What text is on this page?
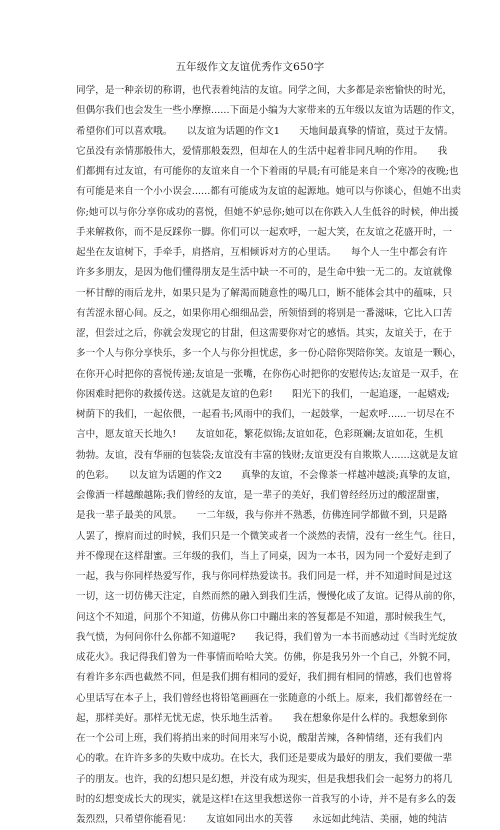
五年级作文友谊优秀作文650字
同学，是一种亲切的称谓，也代表着纯洁的友谊。同学之间，大多都是亲密愉快的时光，
但偶尔我们也会发生一些小摩擦......下面是小编为大家带来的五年级以友谊为话题的作文，
希望你们可以喜欢哦。　　以友谊为话题的作文1　　天地间最真挚的情谊，莫过于友情。
它虽没有亲情那般伟大，爱情那般轰烈，但却在人的生活中起着非同凡响的作用。　　我
们都拥有过友谊，有可能你的友谊来自一个下着雨的早晨;有可能是来自一个寒冷的夜晚;也
有可能是来自一个小小误会......都有可能成为友谊的起源地。她可以与你谈心，但她不出卖
你;她可以与你分享你成功的喜悦，但她不妒忌你;她可以在你跌入人生低谷的时候，伸出援
手来解救你，而不是反踩你一脚。你们可以一起欢呼，一起大笑，在友谊之花盛开时，一
起坐在友谊树下，手牵手，肩搭肩，互相倾诉对方的心里话。　　每个人一生中都会有许
许多多朋友，是因为他们懂得朋友是生活中缺一不可的，是生命中独一无二的。友谊就像
一杯甘醇的雨后龙井，如果只是为了解渴而随意性的喝几口，断不能体会其中的蕴味，只
有苦涩永留心间。反之，如果你用心细细品尝，所领悟到的将别是一番滋味，它比入口苦
涩，但尝过之后，你就会发现它的甘甜，但这需要你对它的感悟。其实，友谊关于，在于
多一个人与你分享快乐，多一个人与你分担忧虑，多一份心陪你哭陪你笑。友谊是一颗心，
在你开心时把你的喜悦传递;友谊是一张嘴，在你伤心时把你的安慰传达;友谊是一双手，在
你困难时把你的救援传送。这就是友谊的色彩!　　阳光下的我们，一起追逐，一起嬉戏;
树荫下的我们，一起依偎，一起看书;风雨中的我们，一起鼓掌，一起欢呼......一切尽在不
言中，愿友谊天长地久!　　友谊如花，繁花似锦;友谊如花，色彩斑斓;友谊如花，生机
勃勃。友谊，没有华丽的包装袋;友谊没有丰富的钱财;友谊更没有自欺欺人......这就是友谊
的色彩。　　以友谊为话题的作文2　　真挚的友谊，不会像茶一样越冲越淡;真挚的友谊，
会像酒一样越酿越陈;我们曾经的友谊，是一辈子的美好，我们曾经经历过的酸涩甜蜜，
是我一辈子最美的风景。　　一二年级，我与你并不熟悉，仿佛连同学都做不到，只是路
人罢了，擦肩而过的时候，我们只是一个微笑或者一个淡然的表情，没有一丝生气。往日，
并不像现在这样甜蜜。三年级的我们，当上了同桌，因为一本书，因为同一个爱好走到了
一起，我与你同样热爱写作，我与你同样热爱读书。我们同是一样，并不知道时间是过这
一切，这一切仿佛天注定，自然而然的融入到我们生活，慢慢化成了友谊。记得从前的你，
问这个不知道，问那个不知道，仿佛从你口中蹦出来的答复都是不知道，那时候我生气，
我气愤，为何问你什么你都不知道呢?　　我记得，我们曾为一本书而感动过《当时光绽放
成花火》。我记得我们曾为一件事情而哈哈大笑。仿佛，你是我另外一个自己，外貌不同，
有着许多东西也截然不同，但是我们拥有相同的爱好，我们拥有相同的情感，我们也曾将
心里话写在本子上，我们曾经也将铅笔画画在一张随意的小纸上。原来，我们都曾经在一
起，那样美好。那样无忧无虑，快乐地生活着。　　我在想象你是什么样的。我想象到你
在一个公司上班，我们将捎出来的时间用来写小说，酸甜苦辣，各种情绪，还有我们内
心的歌。在许许多多的失败中成功。在长大，我们还是要成为最好的朋友，我们要做一辈
子的朋友。也许，我的幻想只是幻想，并没有成为现实，但是我想我们会一起努力的将几
时的幻想变成长大的现实，就是这样!在这里我想送你一首我写的小诗，并不是有多么的轰
轰烈烈，只希望你能看见：　　友谊如同出水的芙蓉　　永远如此纯洁、美丽，她的纯洁
